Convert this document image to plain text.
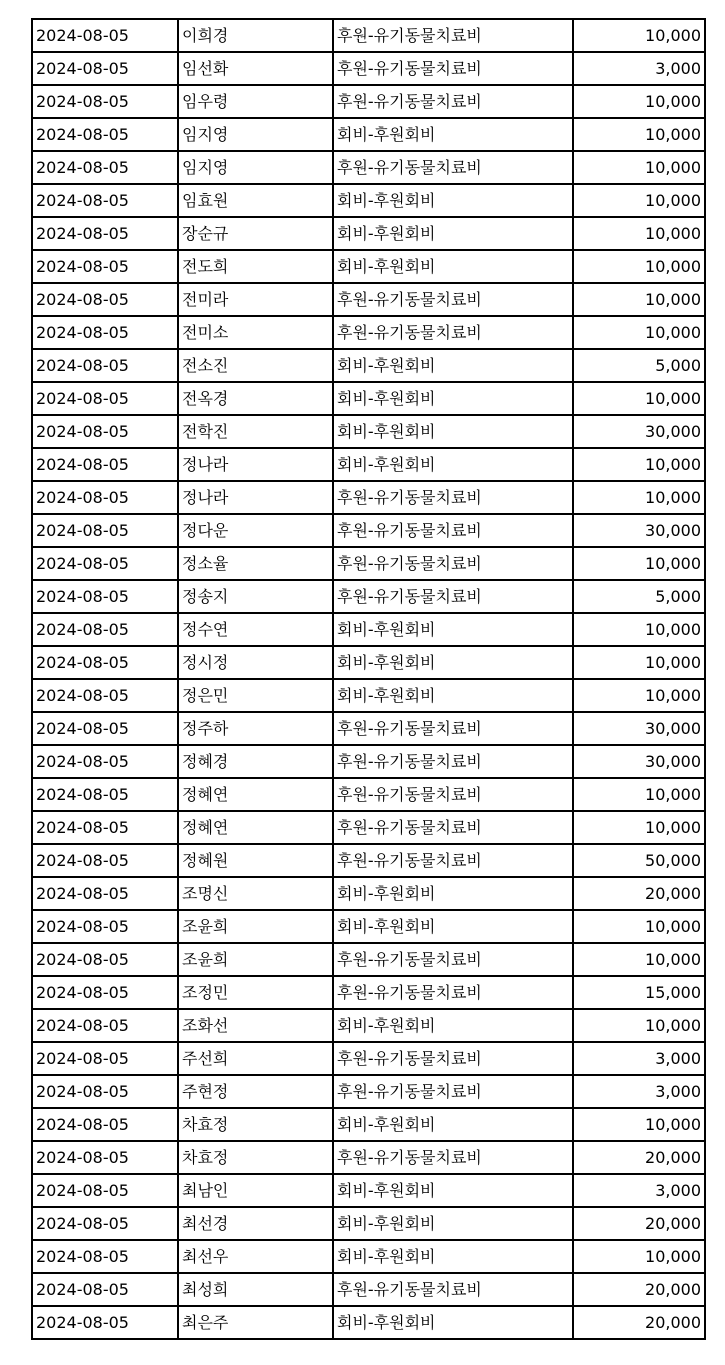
2024-08-05	이희경	후원-유기동물치료비	10,000
2024-08-05	임선화	후원-유기동물치료비	3,000
2024-08-05	임우령	후원-유기동물치료비	10,000
2024-08-05	임지영	회비-후원회비	10,000
2024-08-05	임지영	후원-유기동물치료비	10,000
2024-08-05	임효원	회비-후원회비	10,000
2024-08-05	장순규	회비-후원회비	10,000
2024-08-05	전도희	회비-후원회비	10,000
2024-08-05	전미라	후원-유기동물치료비	10,000
2024-08-05	전미소	후원-유기동물치료비	10,000
2024-08-05	전소진	회비-후원회비	5,000
2024-08-05	전옥경	회비-후원회비	10,000
2024-08-05	전학진	회비-후원회비	30,000
2024-08-05	정나라	회비-후원회비	10,000
2024-08-05	정나라	후원-유기동물치료비	10,000
2024-08-05	정다운	후원-유기동물치료비	30,000
2024-08-05	정소율	후원-유기동물치료비	10,000
2024-08-05	정송지	후원-유기동물치료비	5,000
2024-08-05	정수연	회비-후원회비	10,000
2024-08-05	정시정	회비-후원회비	10,000
2024-08-05	정은민	회비-후원회비	10,000
2024-08-05	정주하	후원-유기동물치료비	30,000
2024-08-05	정혜경	후원-유기동물치료비	30,000
2024-08-05	정혜연	후원-유기동물치료비	10,000
2024-08-05	정혜연	후원-유기동물치료비	10,000
2024-08-05	정혜원	후원-유기동물치료비	50,000
2024-08-05	조명신	회비-후원회비	20,000
2024-08-05	조윤희	회비-후원회비	10,000
2024-08-05	조윤희	후원-유기동물치료비	10,000
2024-08-05	조정민	후원-유기동물치료비	15,000
2024-08-05	조화선	회비-후원회비	10,000
2024-08-05	주선희	후원-유기동물치료비	3,000
2024-08-05	주현정	후원-유기동물치료비	3,000
2024-08-05	차효정	회비-후원회비	10,000
2024-08-05	차효정	후원-유기동물치료비	20,000
2024-08-05	최남인	회비-후원회비	3,000
2024-08-05	최선경	회비-후원회비	20,000
2024-08-05	최선우	회비-후원회비	10,000
2024-08-05	최성희	후원-유기동물치료비	20,000
2024-08-05	최은주	회비-후원회비	20,000
